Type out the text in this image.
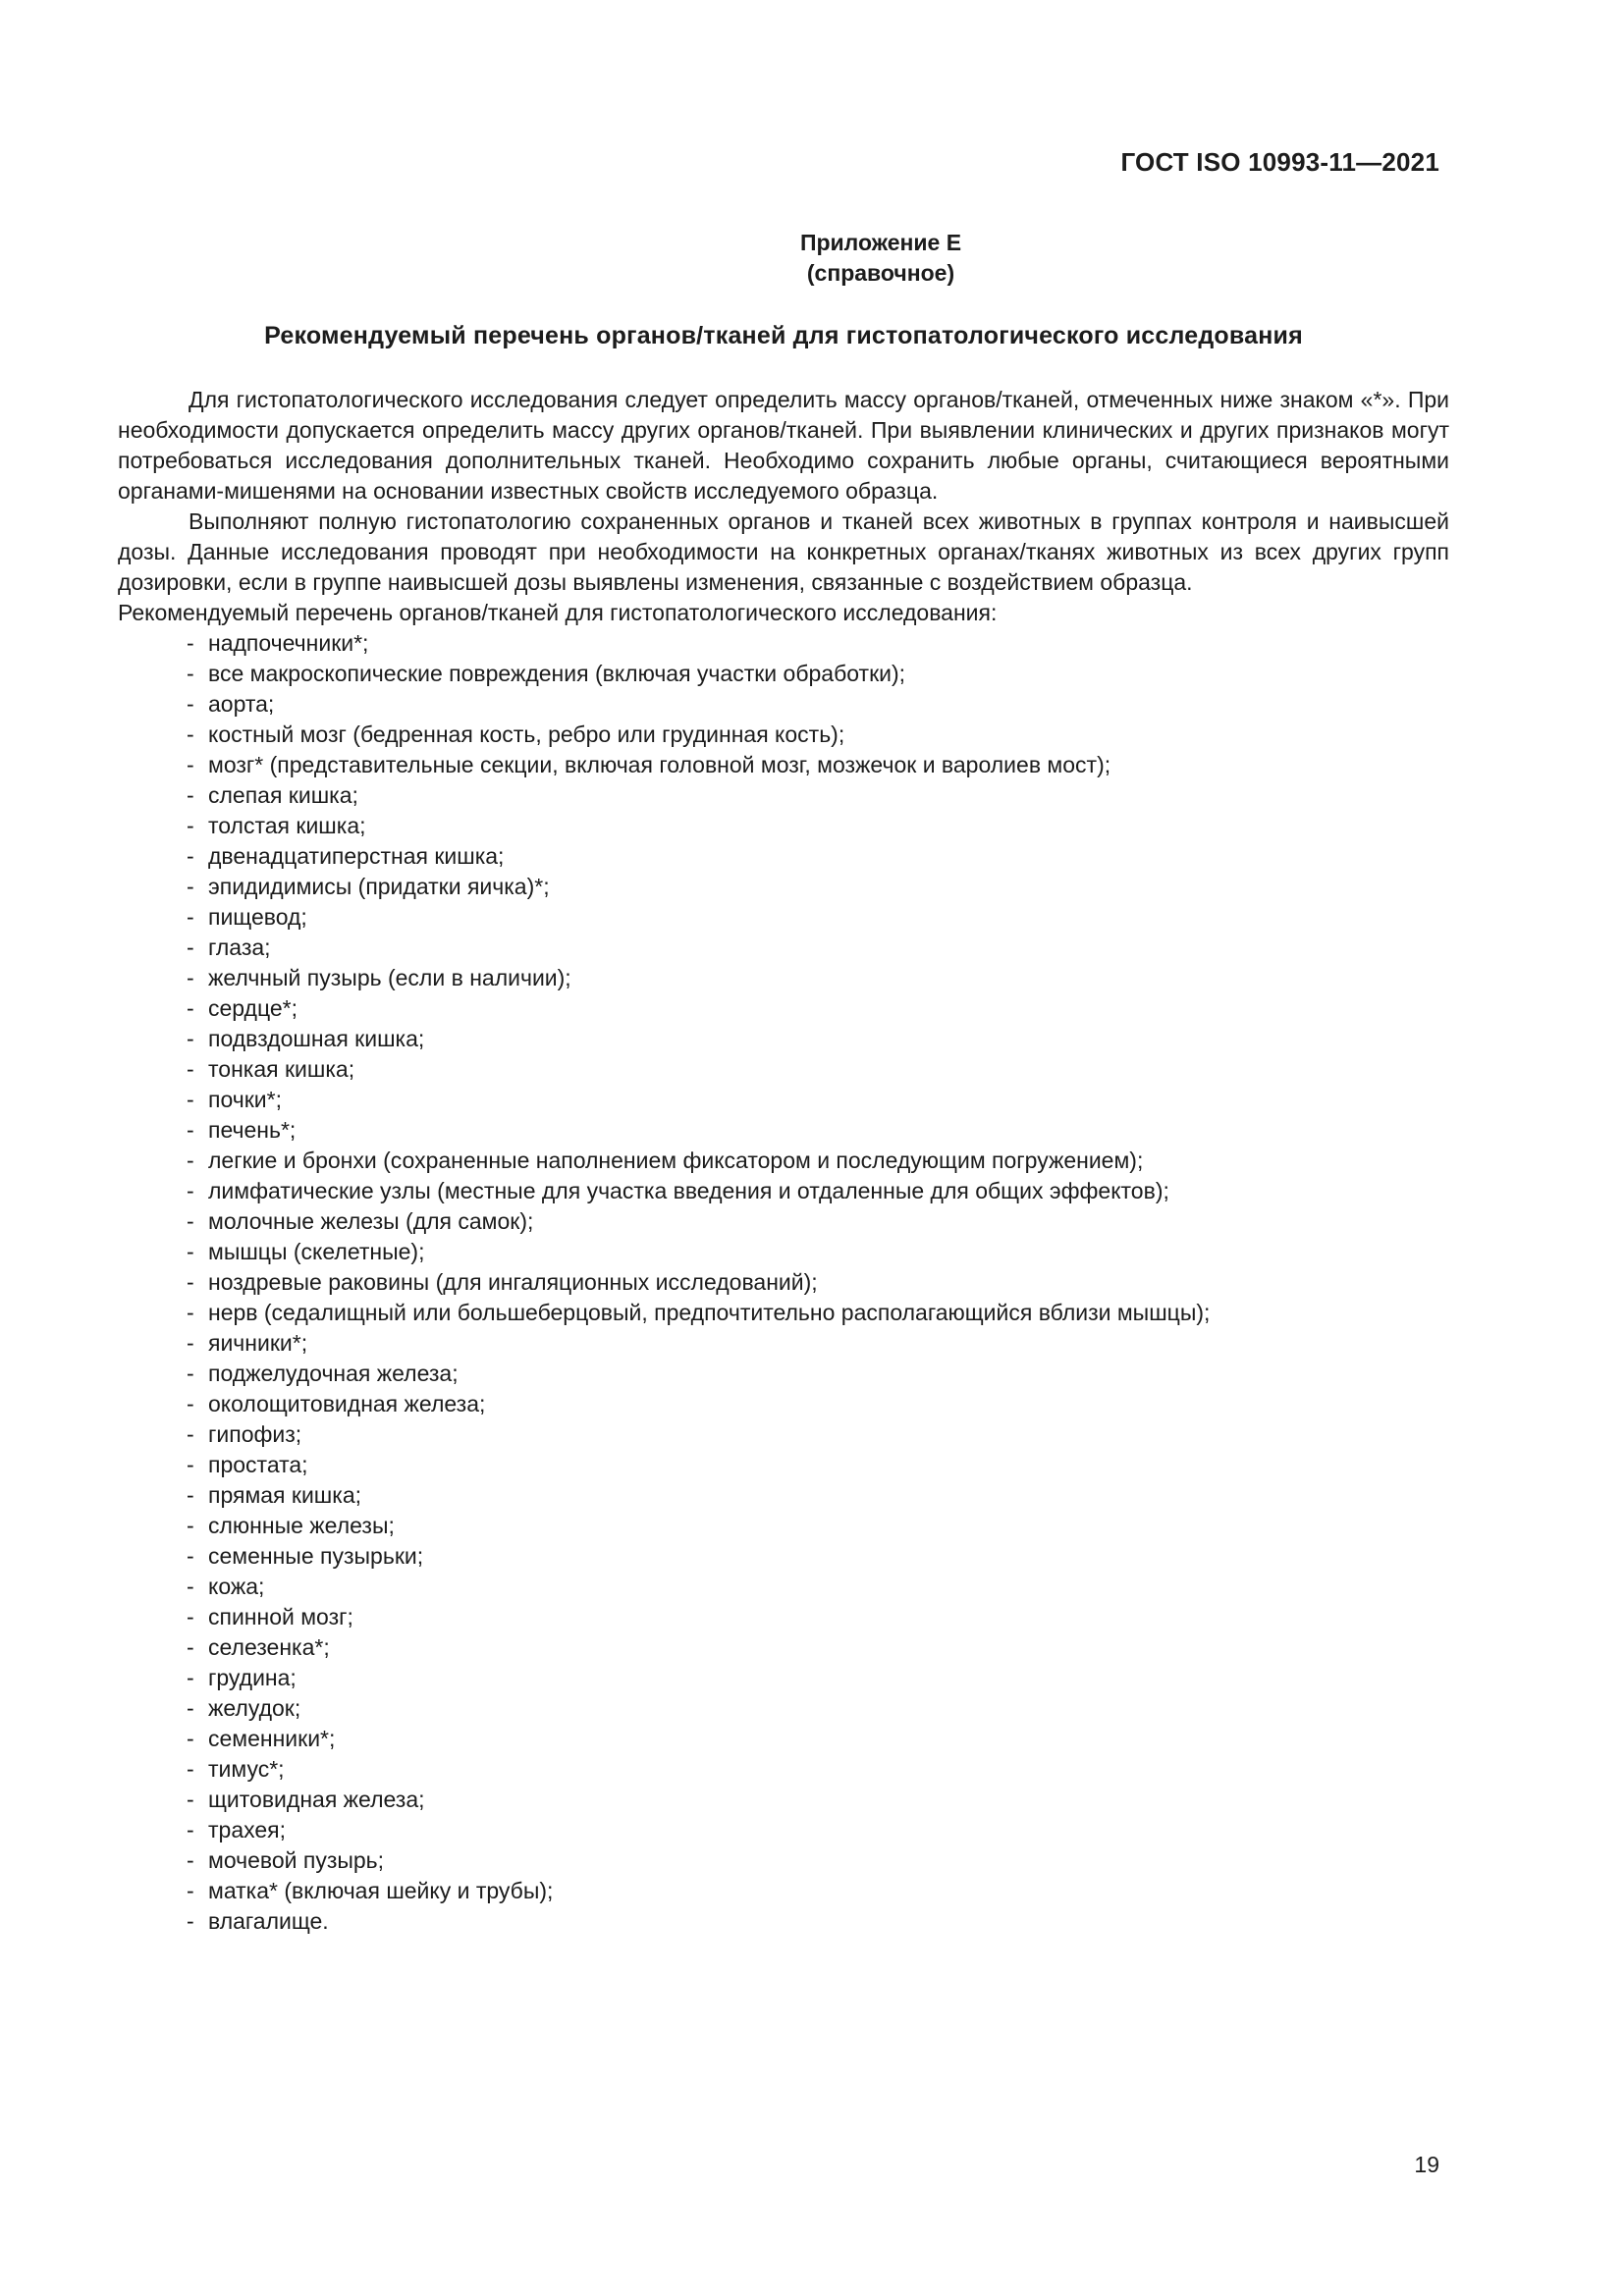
ГОСТ ISO 10993-11—2021
Приложение Е
(справочное)
Рекомендуемый перечень органов/тканей для гистопатологического исследования

Для гистопатологического исследования следует определить массу органов/тканей, отмеченных ниже знаком «*». При необходимости допускается определить массу других органов/тканей. При выявлении клинических и других признаков могут потребоваться исследования дополнительных тканей. Необходимо сохранить любые органы, считающиеся вероятными органами-мишенями на основании известных свойств исследуемого образца.

Выполняют полную гистопатологию сохраненных органов и тканей всех животных в группах контроля и наивысшей дозы. Данные исследования проводят при необходимости на конкретных органах/тканях животных из всех других групп дозировки, если в группе наивысшей дозы выявлены изменения, связанные с воздействием образца.

Рекомендуемый перечень органов/тканей для гистопатологического исследования:

- надпочечники*;
- все макроскопические повреждения (включая участки обработки);
- аорта;
- костный мозг (бедренная кость, ребро или грудинная кость);
- мозг* (представительные секции, включая головной мозг, мозжечок и варолиев мост);
- слепая кишка;
- толстая кишка;
- двенадцатиперстная кишка;
- эпидидимисы (придатки яичка)*;
- пищевод;
- глаза;
- желчный пузырь (если в наличии);
- сердце*;
- подвздошная кишка;
- тонкая кишка;
- почки*;
- печень*;
- легкие и бронхи (сохраненные наполнением фиксатором и последующим погружением);
- лимфатические узлы (местные для участка введения и отдаленные для общих эффектов);
- молочные железы (для самок);
- мышцы (скелетные);
- ноздревые раковины (для ингаляционных исследований);
- нерв (седалищный или большеберцовый, предпочтительно располагающийся вблизи мышцы);
- яичники*;
- поджелудочная железа;
- околощитовидная железа;
- гипофиз;
- простата;
- прямая кишка;
- слюнные железы;
- семенные пузырьки;
- кожа;
- спинной мозг;
- селезенка*;
- грудина;
- желудок;
- семенники*;
- тимус*;
- щитовидная железа;
- трахея;
- мочевой пузырь;
- матка* (включая шейку и трубы);
- влагалище.
19
